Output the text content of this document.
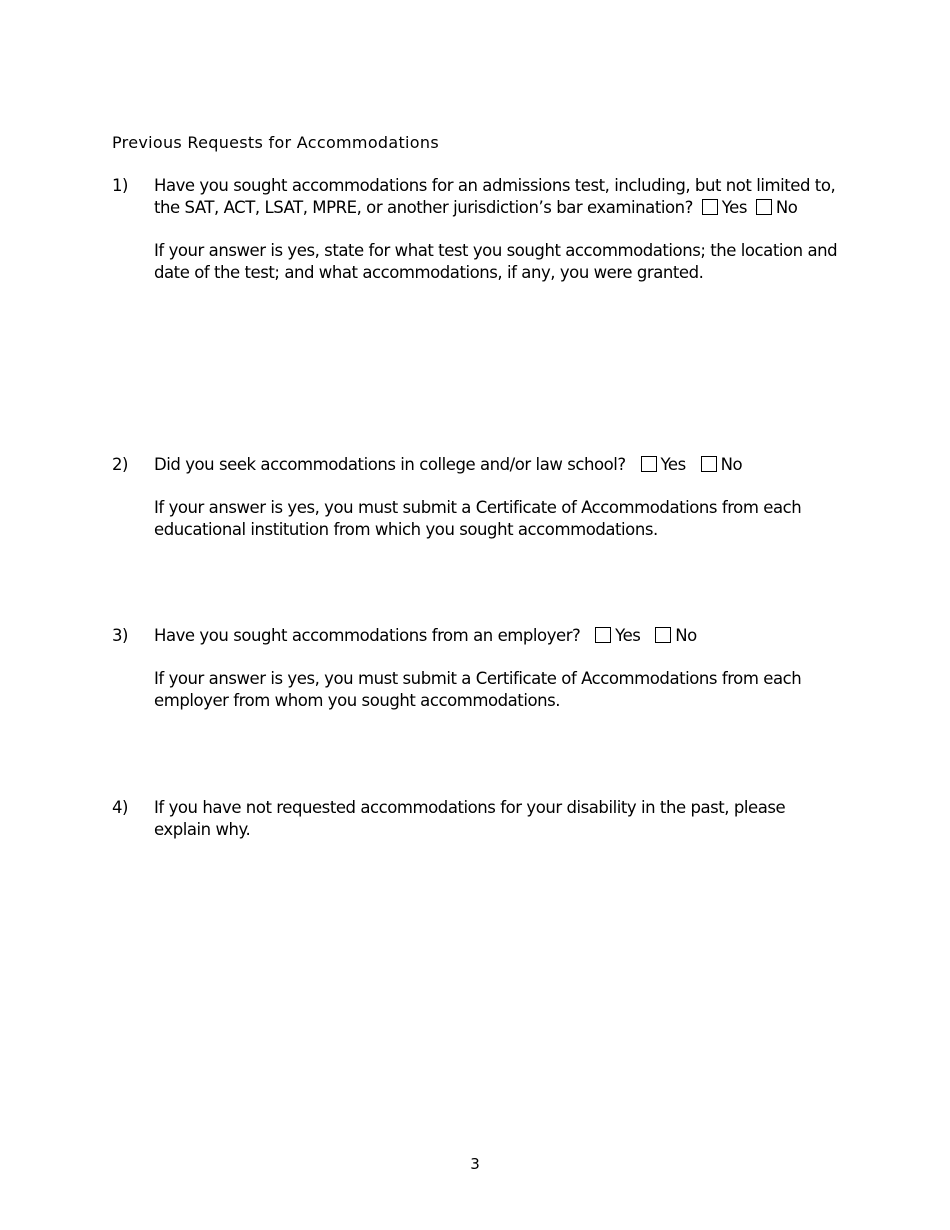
Previous Requests for Accommodations
1) Have you sought accommodations for an admissions test, including, but not limited to, the SAT, ACT, LSAT, MPRE, or another jurisdiction’s bar examination? Yes No

If your answer is yes, state for what test you sought accommodations; the location and date of the test; and what accommodations, if any, you were granted.

2) Did you seek accommodations in college and/or law school? Yes No

If your answer is yes, you must submit a Certificate of Accommodations from each educational institution from which you sought accommodations.

3) Have you sought accommodations from an employer? Yes No

If your answer is yes, you must submit a Certificate of Accommodations from each employer from whom you sought accommodations.

4) If you have not requested accommodations for your disability in the past, please explain why.

3
